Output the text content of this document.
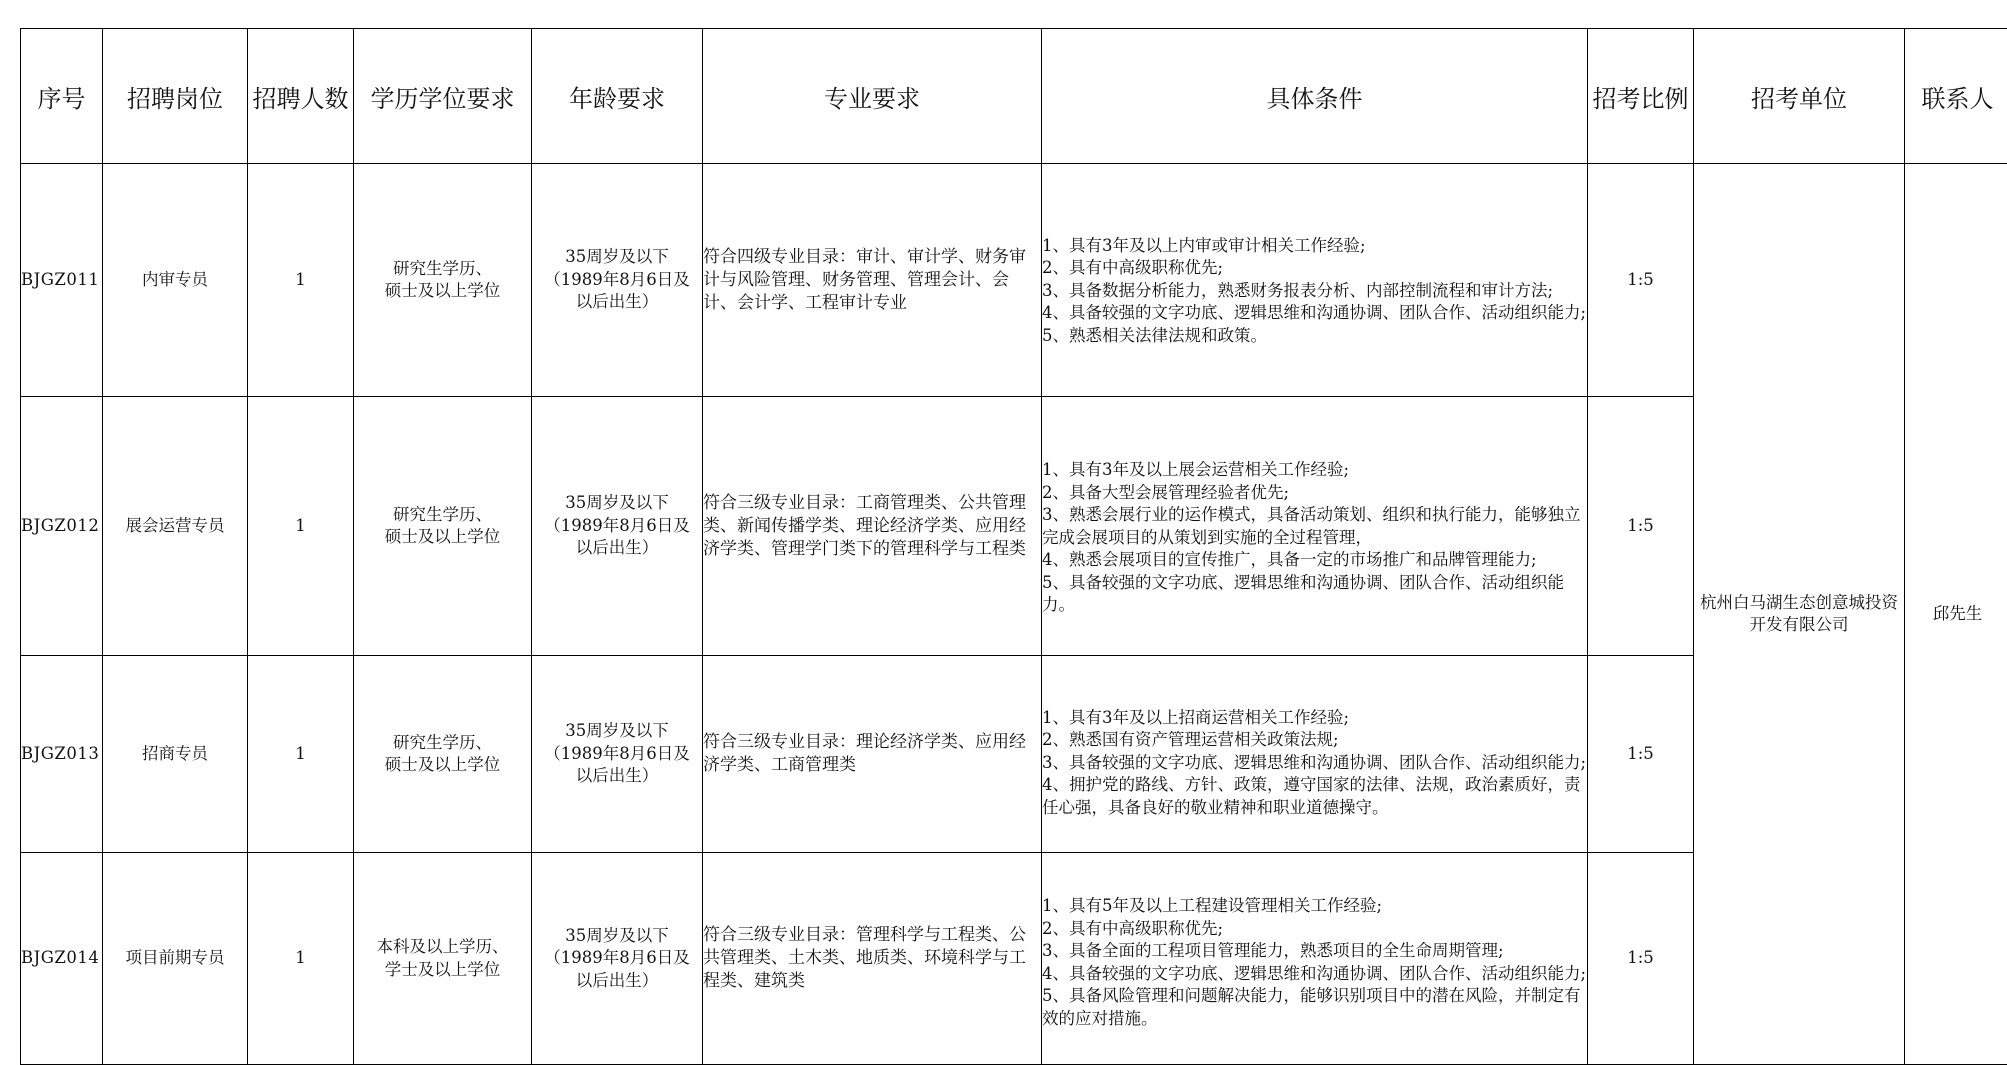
序号	招聘岗位	招聘人数	学历学位要求	年龄要求	专业要求	具体条件	招考比例	招考单位	联系人
BJGZ011	内审专员	1	研究生学历、
硕士及以上学位	35周岁及以下
（1989年8月6日及
以后出生）	符合四级专业目录：审计、审计学、财务审计与风险管理、财务管理、管理会计、会计、会计学、工程审计专业	1、具有3年及以上内审或审计相关工作经验;
2、具有中高级职称优先;
3、具备数据分析能力，熟悉财务报表分析、内部控制流程和审计方法;
4、具备较强的文字功底、逻辑思维和沟通协调、团队合作、活动组织能力;
5、熟悉相关法律法规和政策。	1:5	杭州白马湖生态创意城投资开发有限公司	邱先生
BJGZ012	展会运营专员	1	研究生学历、
硕士及以上学位	35周岁及以下
（1989年8月6日及
以后出生）	符合三级专业目录：工商管理类、公共管理类、新闻传播学类、理论经济学类、应用经济学类、管理学门类下的管理科学与工程类	1、具有3年及以上展会运营相关工作经验;
2、具备大型会展管理经验者优先;
3、熟悉会展行业的运作模式，具备活动策划、组织和执行能力，能够独立完成会展项目的从策划到实施的全过程管理，
4、熟悉会展项目的宣传推广，具备一定的市场推广和品牌管理能力;
5、具备较强的文字功底、逻辑思维和沟通协调、团队合作、活动组织能力。	1:5		
BJGZ013	招商专员	1	研究生学历、
硕士及以上学位	35周岁及以下
（1989年8月6日及
以后出生）	符合三级专业目录：理论经济学类、应用经济学类、工商管理类	1、具有3年及以上招商运营相关工作经验;
2、熟悉国有资产管理运营相关政策法规;
3、具备较强的文字功底、逻辑思维和沟通协调、团队合作、活动组织能力;
4、拥护党的路线、方针、政策，遵守国家的法律、法规，政治素质好，责任心强，具备良好的敬业精神和职业道德操守。	1:5		
BJGZ014	项目前期专员	1	本科及以上学历、
学士及以上学位	35周岁及以下
（1989年8月6日及
以后出生）	符合三级专业目录：管理科学与工程类、公共管理类、土木类、地质类、环境科学与工程类、建筑类	1、具有5年及以上工程建设管理相关工作经验;
2、具有中高级职称优先;
3、具备全面的工程项目管理能力，熟悉项目的全生命周期管理;
4、具备较强的文字功底、逻辑思维和沟通协调、团队合作、活动组织能力;
5、具备风险管理和问题解决能力，能够识别项目中的潜在风险，并制定有效的应对措施。	1:5		
